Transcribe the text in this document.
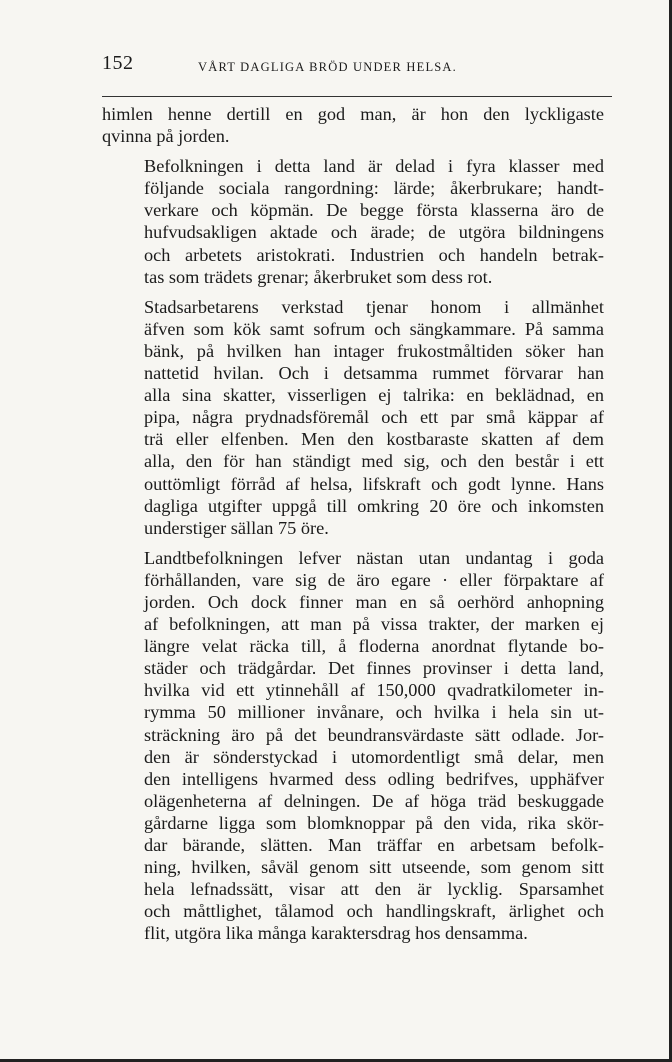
152	VÅRT DAGLIGA BRÖD UNDER HELSA.

himlen henne dertill en god man, är hon den lyckligaste
qvinna på jorden.

Befolkningen i detta land är delad i fyra klasser med
följande sociala rangordning: lärde; åkerbrukare; handt-
verkare och köpmän. De begge första klasserna äro de
hufvudsakligen aktade och ärade; de utgöra bildningens
och arbetets aristokrati. Industrien och handeln betrak-
tas som trädets grenar; åkerbruket som dess rot.

Stadsarbetarens verkstad tjenar honom i allmänhet
äfven som kök samt sofrum och sängkammare. På samma
bänk, på hvilken han intager frukostmåltiden söker han
nattetid hvilan. Och i detsamma rummet förvarar han
alla sina skatter, visserligen ej talrika: en beklädnad, en
pipa, några prydnadsföremål och ett par små käppar af
trä eller elfenben. Men den kostbaraste skatten af dem
alla, den för han ständigt med sig, och den består i ett
outtömligt förråd af helsa, lifskraft och godt lynne. Hans
dagliga utgifter uppgå till omkring 20 öre och inkomsten
understiger sällan 75 öre.

Landtbefolkningen lefver nästan utan undantag i goda
förhållanden, vare sig de äro egare · eller förpaktare af
jorden. Och dock finner man en så oerhörd anhopning
af befolkningen, att man på vissa trakter, der marken ej
längre velat räcka till, å floderna anordnat flytande bo-
städer och trädgårdar. Det finnes provinser i detta land,
hvilka vid ett ytinnehåll af 150,000 qvadratkilometer in-
rymma 50 millioner invånare, och hvilka i hela sin ut-
sträckning äro på det beundransvärdaste sätt odlade. Jor-
den är sönderstyckad i utomordentligt små delar, men
den intelligens hvarmed dess odling bedrifves, upphäfver
olägenheterna af delningen. De af höga träd beskuggade
gårdarne ligga som blomknoppar på den vida, rika skör-
dar bärande, slätten. Man träffar en arbetsam befolk-
ning, hvilken, såväl genom sitt utseende, som genom sitt
hela lefnadssätt, visar att den är lycklig. Sparsamhet
och måttlighet, tålamod och handlingskraft, ärlighet och
flit, utgöra lika många karaktersdrag hos densamma.
